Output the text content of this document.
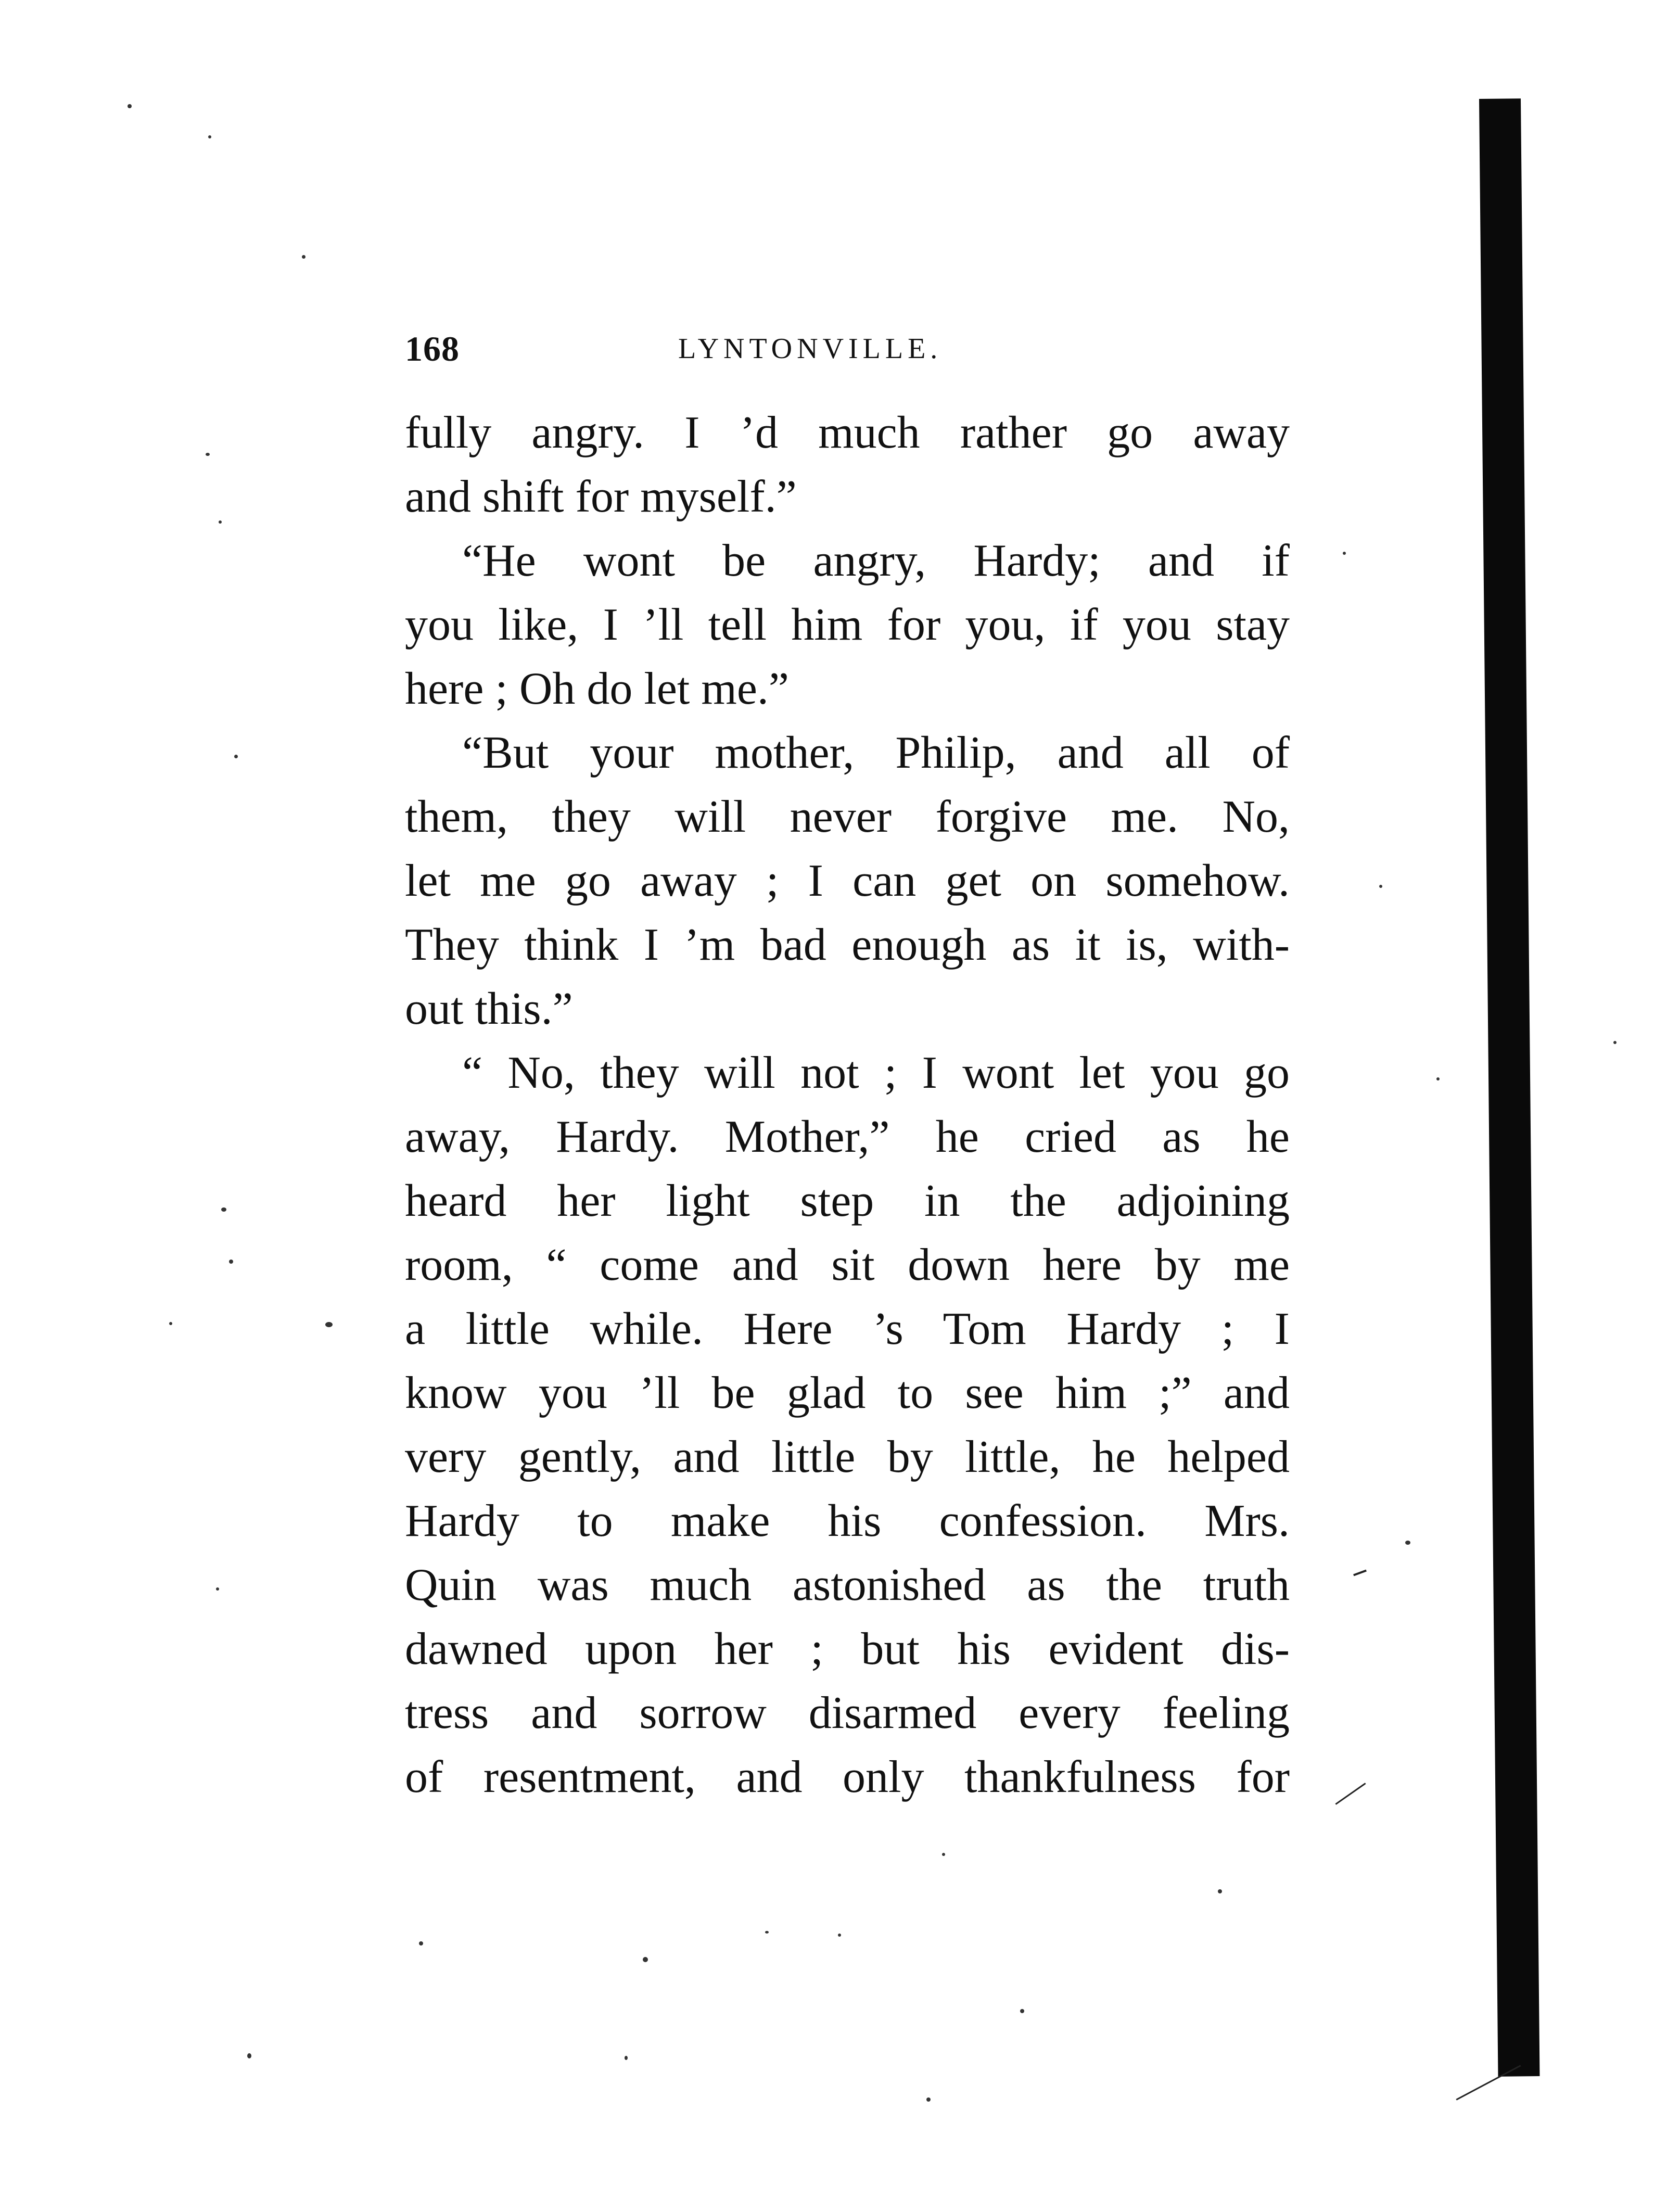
168	LYNTONVILLE.
fully angry. I ’d much rather go away
and shift for myself.”
“He wont be angry, Hardy; and if
you like, I ’ll tell him for you, if you stay
here ; Oh do let me.”
“But your mother, Philip, and all of
them, they will never forgive me. No,
let me go away ; I can get on somehow.
They think I ’m bad enough as it is, with-
out this.”
“ No, they will not ; I wont let you go
away, Hardy. Mother,” he cried as he
heard her light step in the adjoining
room, “ come and sit down here by me
a little while. Here ’s Tom Hardy ; I
know you ’ll be glad to see him ;” and
very gently, and little by little, he helped
Hardy to make his confession. Mrs.
Quin was much astonished as the truth
dawned upon her ; but his evident dis-
tress and sorrow disarmed every feeling
of resentment, and only thankfulness for
